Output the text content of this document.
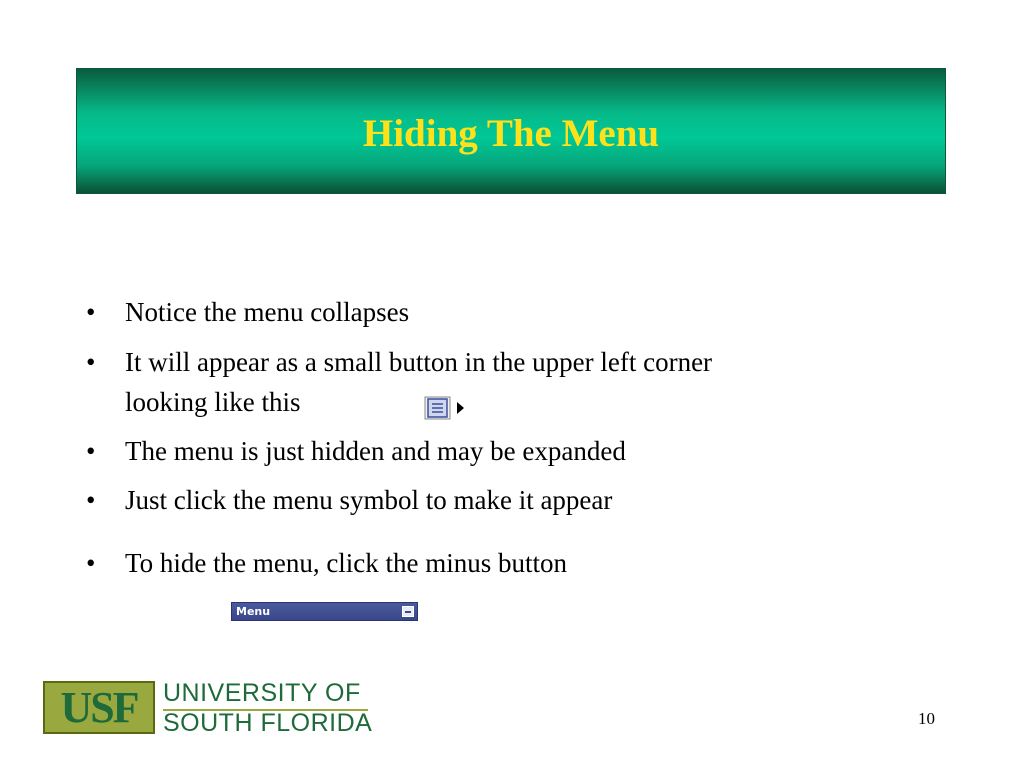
Hiding The Menu
•	Notice the menu collapses
•	It will appear as a small button in the upper left corner
looking like this
•	The menu is just hidden and may be expanded
•	Just click the menu symbol to make it appear
•	To hide the menu, click the minus button
Menu
USF UNIVERSITY OF
SOUTH FLORIDA	10
